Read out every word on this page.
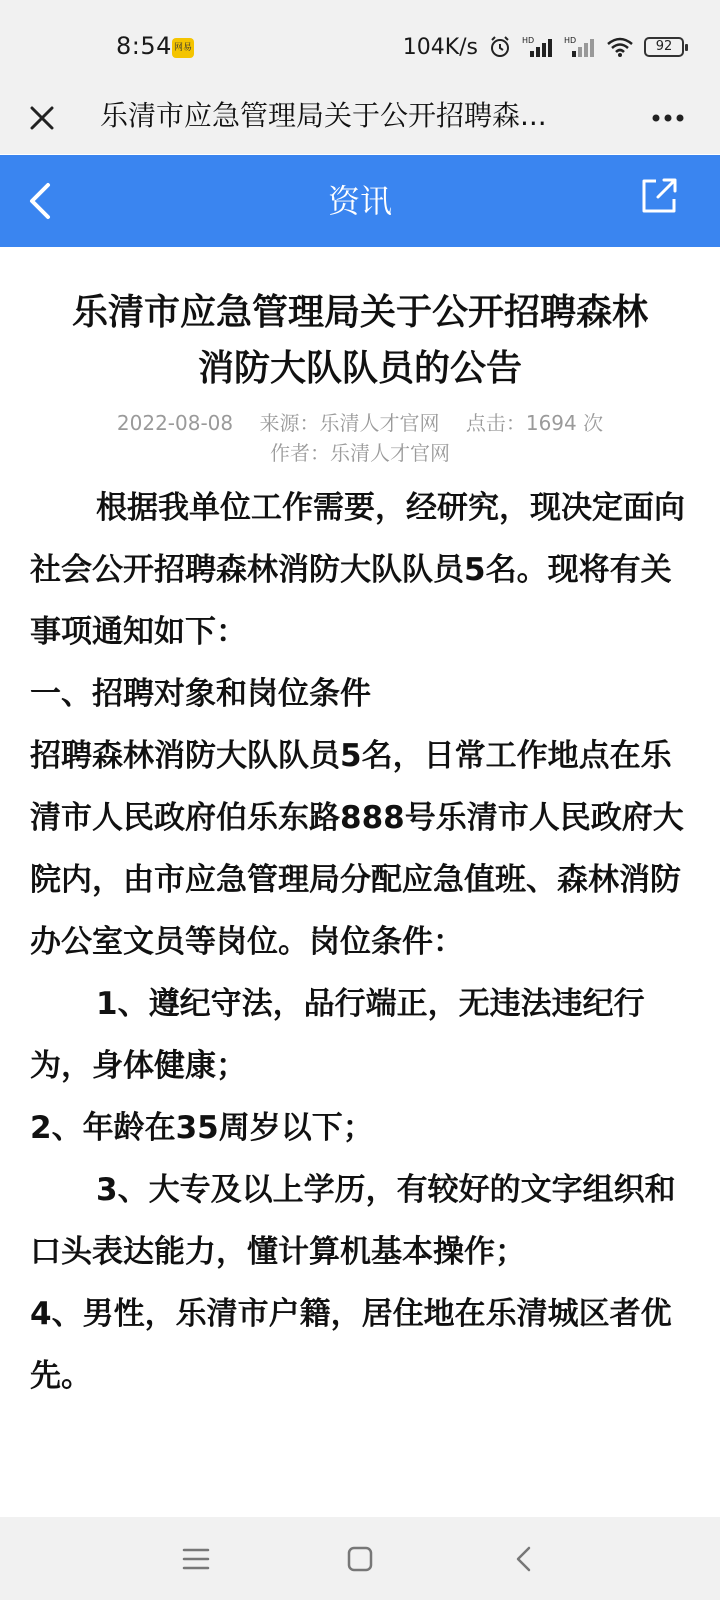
8:54 网易	104K/s	HD	HD	92
乐清市应急管理局关于公开招聘森...
资讯
乐清市应急管理局关于公开招聘森林
消防大队队员的公告
2022-08-08 来源：乐清人才官网 点击：1694 次
作者：乐清人才官网

根据我单位工作需要，经研究，现决定面向社会公开招聘森林消防大队队员5名。现将有关事项通知如下：

一、招聘对象和岗位条件

招聘森林消防大队队员5名，日常工作地点在乐清市人民政府伯乐东路888号乐清市人民政府大院内，由市应急管理局分配应急值班、森林消防办公室文员等岗位。岗位条件：

1、遵纪守法，品行端正，无违法违纪行为，身体健康；

2、年龄在35周岁以下；

3、大专及以上学历，有较好的文字组织和口头表达能力，懂计算机基本操作；

4、男性，乐清市户籍，居住地在乐清城区者优先。
